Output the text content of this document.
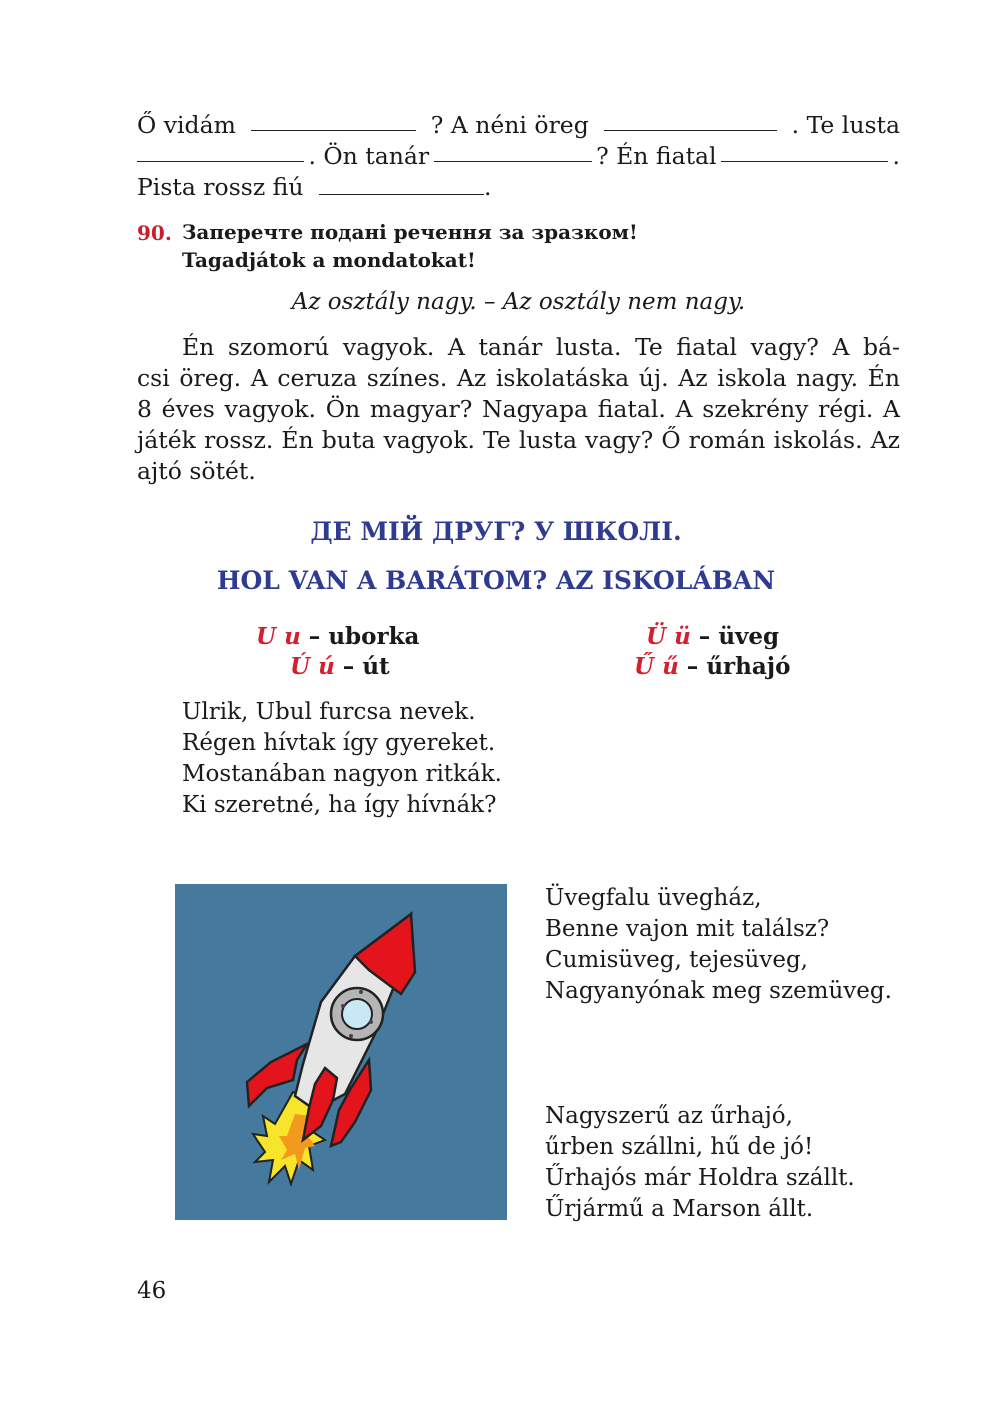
Ő vidám	? A néni öreg	. Te lusta
. Ön tanár	? Én fiatal	.
Pista rossz fiú	.
90. Заперечте подані речення за зразком!
Tagadjátok a mondatokat!
Az osztály nagy. – Az osztály nem nagy.
Én szomorú vagyok. A tanár lusta. Te fiatal vagy? A bá-
csi öreg. A ceruza színes. Az iskolatáska új. Az iskola nagy. Én
8 éves vagyok. Ön magyar? Nagyapa fiatal. A szekrény régi. A
játék rossz. Én buta vagyok. Te lusta vagy? Ő román iskolás. Az
ajtó sötét.
ДЕ МІЙ ДРУГ? У ШКОЛІ.
HOL VAN A BARÁTOM? AZ ISKOLÁBAN
U u – uborka
Ú ú – út
Ü ü – üveg
Ű ű – űrhajó
Ulrik, Ubul furcsa nevek.
Régen hívtak így gyereket.
Mostanában nagyon ritkák.
Ki szeretné, ha így hívnák?
Üvegfalu üvegház,
Benne vajon mit találsz?
Cumisüveg, tejesüveg,
Nagyanyónak meg szemüveg.
Nagyszerű az űrhajó,
űrben szállni, hű de jó!
Űrhajós már Holdra szállt.
Űrjármű a Marson állt.
46
